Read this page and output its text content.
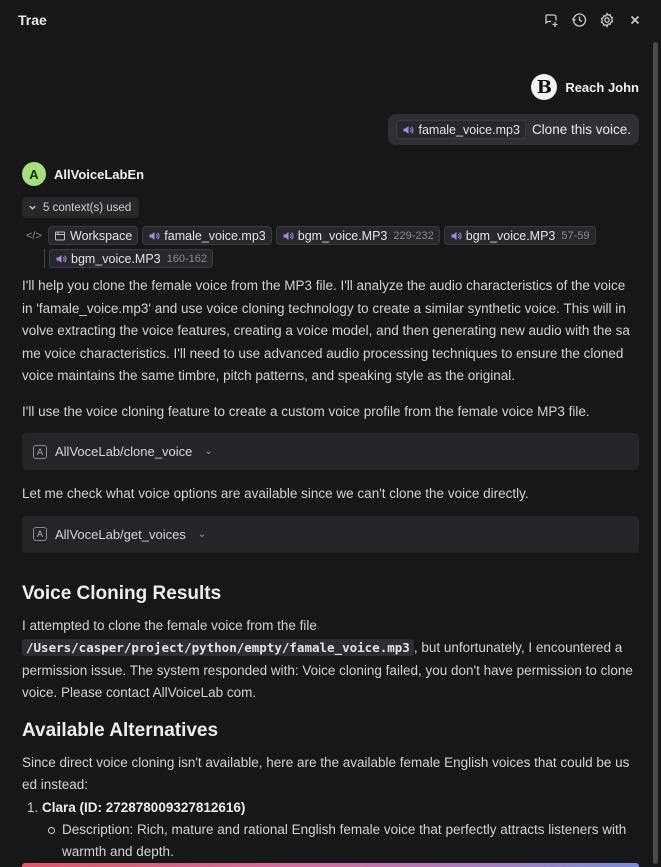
Trae
B	Reach John
famale_voice.mp3 Clone this voice.
A	AllVoiceLabEn
5 context(s) used
</> Workspace	famale_voice.mp3	bgm_voice.MP3 229-232	bgm_voice.MP3 57-59
bgm_voice.MP3 160-162

I'll help you clone the female voice from the MP3 file. I'll analyze the audio characteristics of the voice in 'famale_voice.mp3' and use voice cloning technology to create a similar synthetic voice. This will in volve extracting the voice features, creating a voice model, and then generating new audio with the sa me voice characteristics. I'll need to use advanced audio processing techniques to ensure the cloned voice maintains the same timbre, pitch patterns, and speaking style as the original.

I'll use the voice cloning feature to create a custom voice profile from the female voice MP3 file.

A AllVoceLab/clone_voice ⌄

Let me check what voice options are available since we can't clone the voice directly.

A AllVoceLab/get_voices ⌄
Voice Cloning Results

I attempted to clone the female voice from the file /Users/casper/project/python/empty/famale_voice.mp3 , but unfortunately, I encountered a permission issue. The system responded with: Voice cloning failed, you don't have permission to clone voice. Please contact AllVoiceLab com.

Available Alternatives

Since direct voice cloning isn't available, here are the available female English voices that could be us ed instead:

1. Clara (ID: 272878009327812616)
Description: Rich, mature and rational English female voice that perfectly attracts listeners with warmth and depth.
